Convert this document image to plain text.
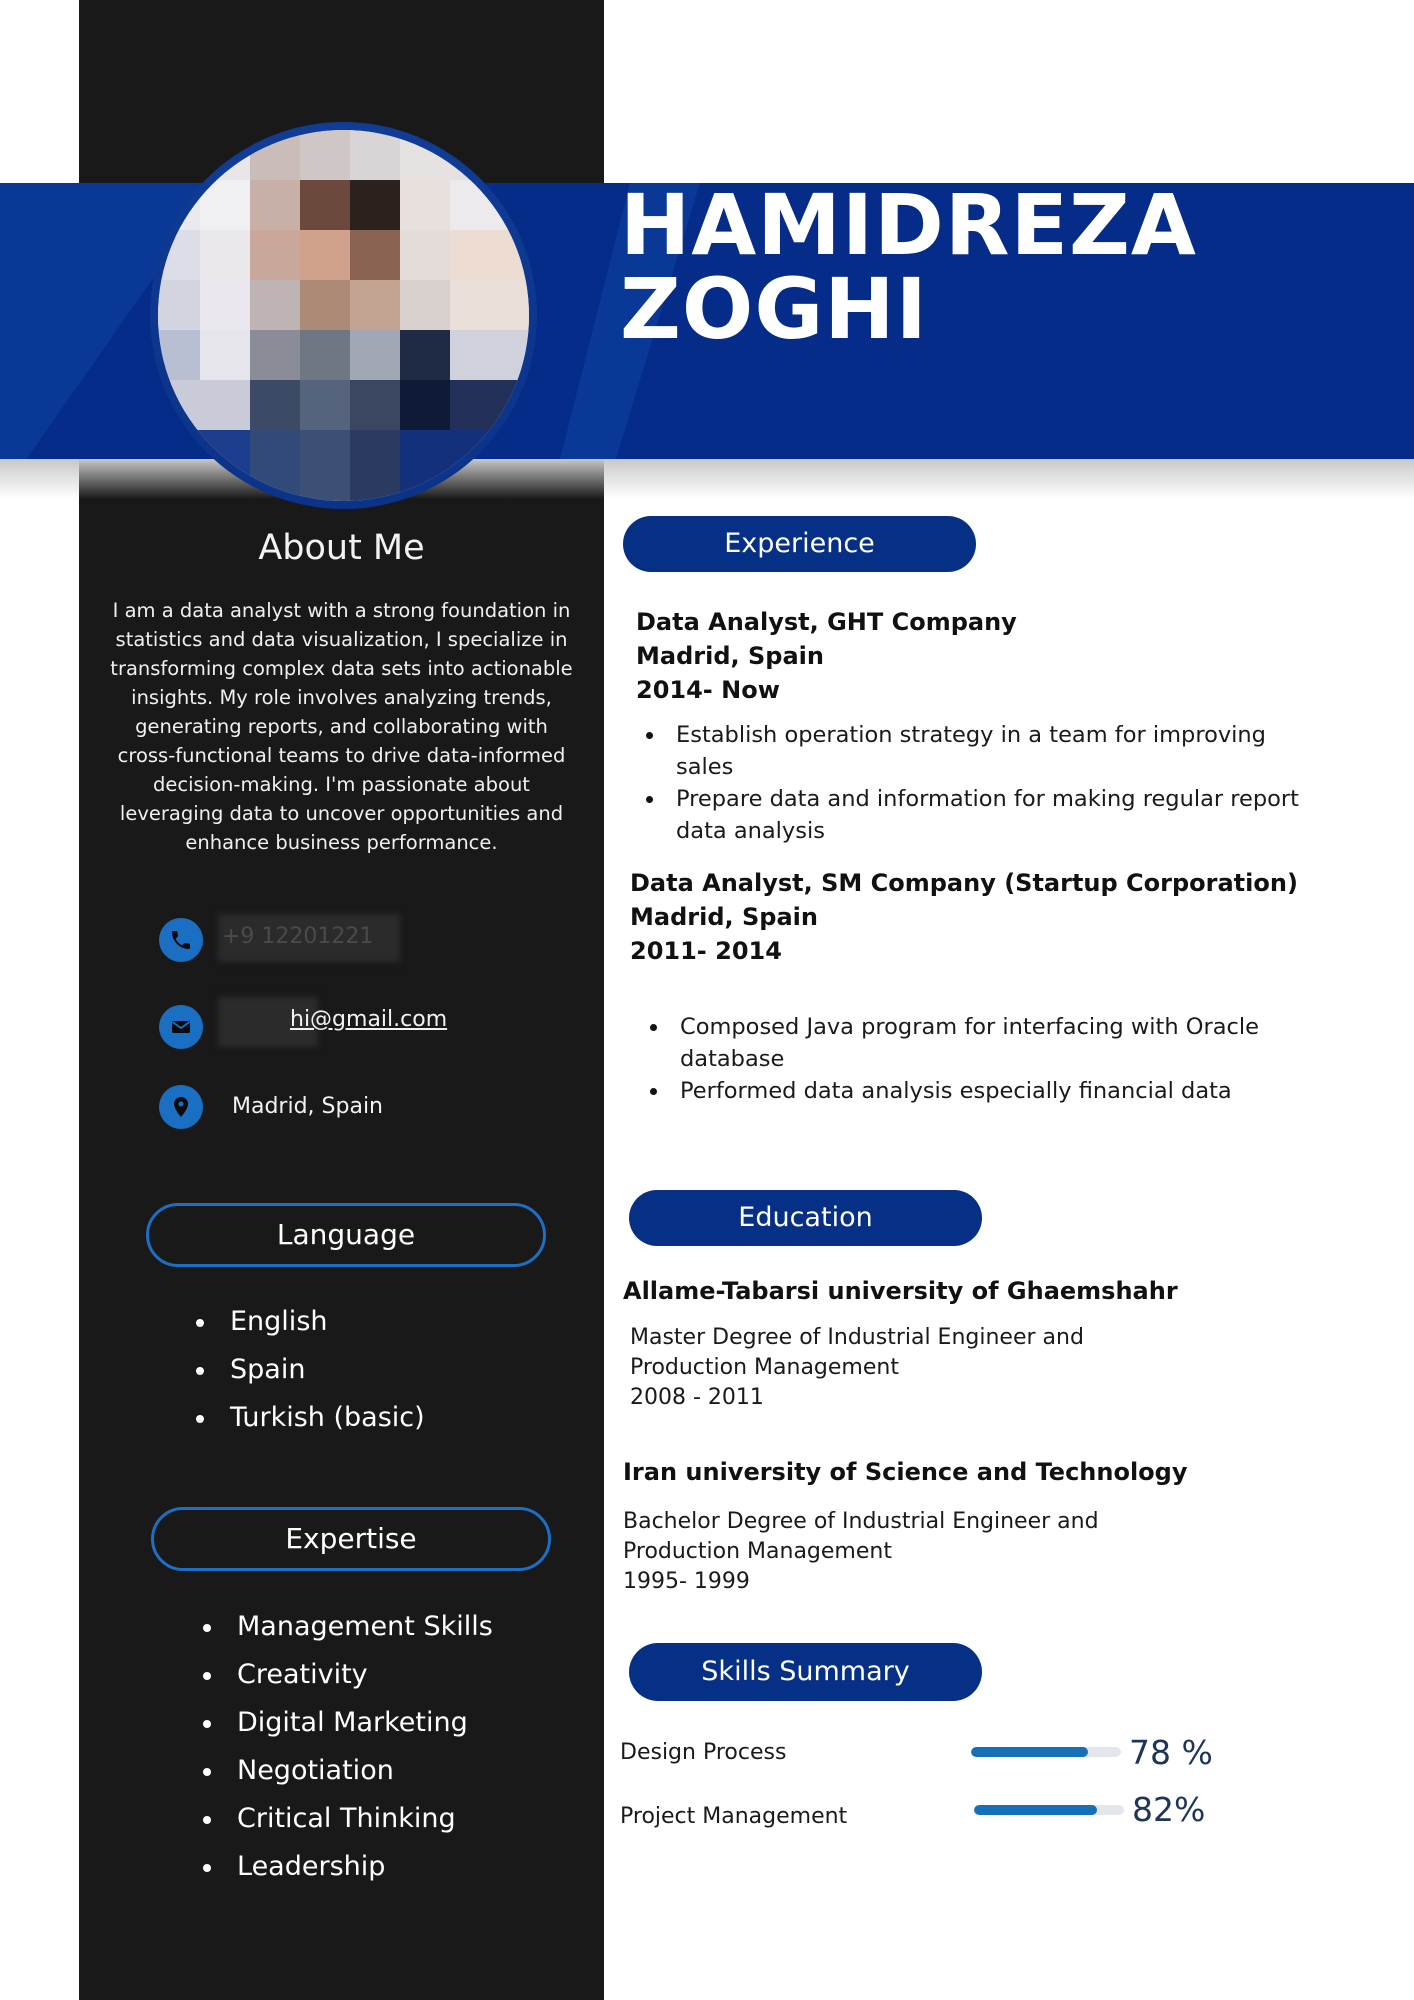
HAMIDREZA
ZOGHI
About Me
I am a data analyst with a strong foundation in statistics and data visualization, I specialize in transforming complex data sets into actionable insights. My role involves analyzing trends, generating reports, and collaborating with cross-functional teams to drive data-informed decision-making. I'm passionate about leveraging data to uncover opportunities and enhance business performance.
+9 12201221
hi@gmail.com
Madrid, Spain
Language
English
Spain
Turkish (basic)
Expertise
Management Skills
Creativity
Digital Marketing
Negotiation
Critical Thinking
Leadership
Experience
Data Analyst, GHT Company
Madrid, Spain
2014- Now
Establish operation strategy in a team for improving sales
Prepare data and information for making regular report data analysis
Data Analyst, SM Company (Startup Corporation)
Madrid, Spain
2011- 2014
Composed Java program for interfacing with Oracle database
Performed data analysis especially financial data
Education
Allame-Tabarsi university of Ghaemshahr
Master Degree of Industrial Engineer and
Production Management
2008 - 2011
Iran university of Science and Technology
Bachelor Degree of Industrial Engineer and
Production Management
1995- 1999
Skills Summary
Design Process	78 %
Project Management	82%
